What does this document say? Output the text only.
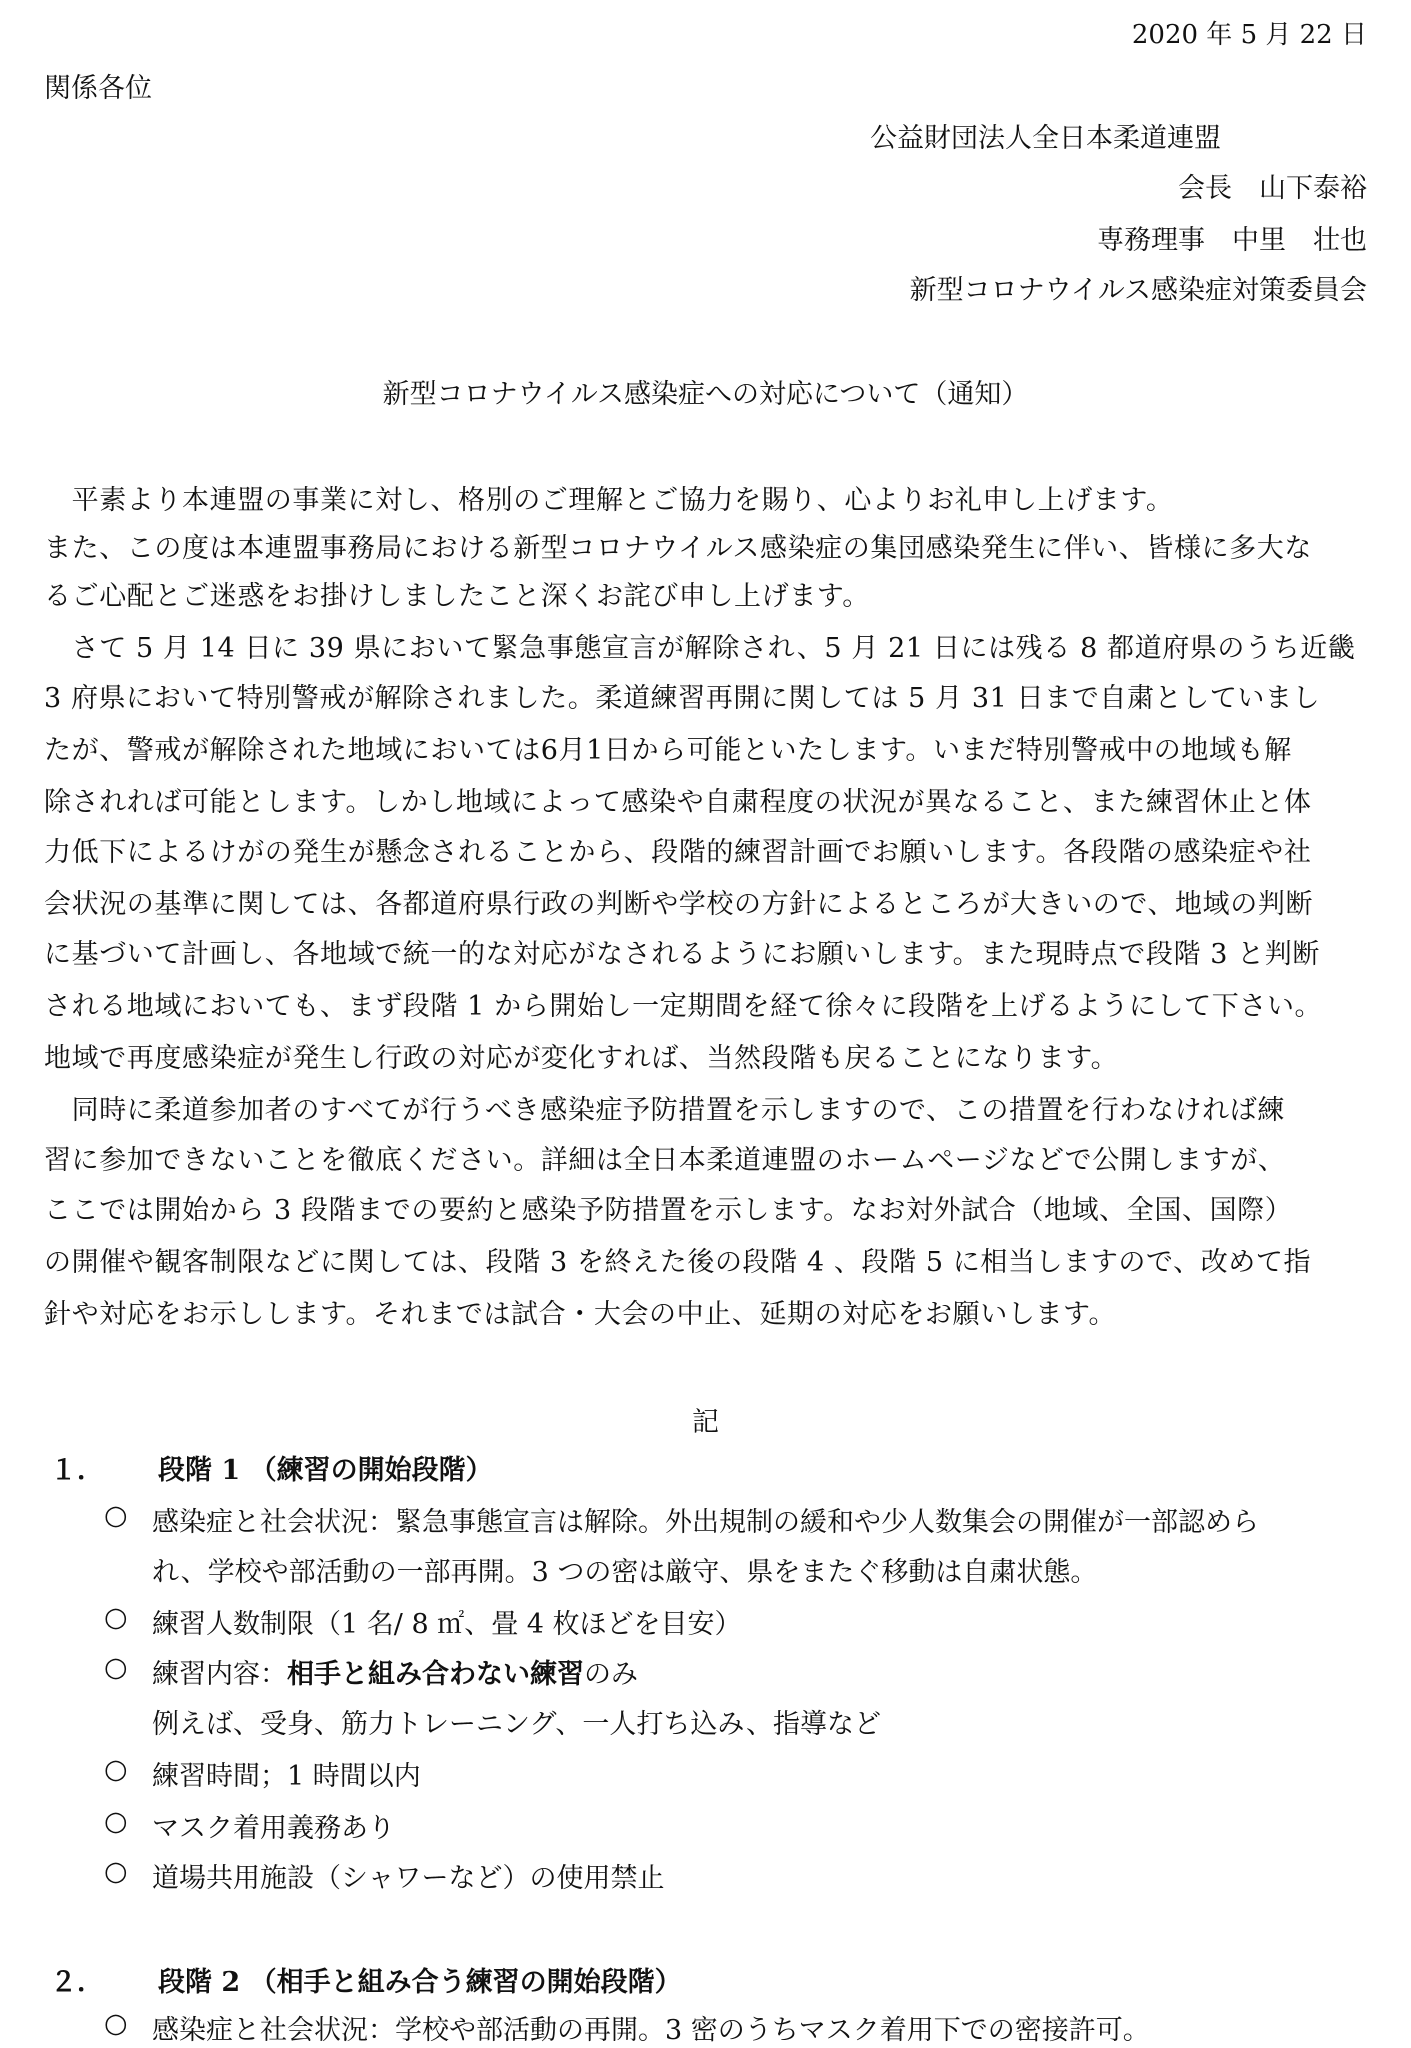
2020 年 5 月 22 日
関係各位
公益財団法人全日本柔道連盟
会長　山下泰裕
専務理事　中里　壮也
新型コロナウイルス感染症対策委員会
新型コロナウイルス感染症への対応について（通知）
　平素より本連盟の事業に対し、格別のご理解とご協力を賜り、心よりお礼申し上げます。
また、この度は本連盟事務局における新型コロナウイルス感染症の集団感染発生に伴い、皆様に多大な
るご心配とご迷惑をお掛けしましたこと深くお詫び申し上げます。
　さて 5 月 14 日に 39 県において緊急事態宣言が解除され、5 月 21 日には残る 8 都道府県のうち近畿
3 府県において特別警戒が解除されました。柔道練習再開に関しては 5 月 31 日まで自粛としていまし
たが、警戒が解除された地域においては6月1日から可能といたします。いまだ特別警戒中の地域も解
除されれば可能とします。しかし地域によって感染や自粛程度の状況が異なること、また練習休止と体
力低下によるけがの発生が懸念されることから、段階的練習計画でお願いします。各段階の感染症や社
会状況の基準に関しては、各都道府県行政の判断や学校の方針によるところが大きいので、地域の判断
に基づいて計画し、各地域で統一的な対応がなされるようにお願いします。また現時点で段階 3 と判断
される地域においても、まず段階 1 から開始し一定期間を経て徐々に段階を上げるようにして下さい。
地域で再度感染症が発生し行政の対応が変化すれば、当然段階も戻ることになります。
　同時に柔道参加者のすべてが行うべき感染症予防措置を示しますので、この措置を行わなければ練
習に参加できないことを徹底ください。詳細は全日本柔道連盟のホームページなどで公開しますが、
ここでは開始から 3 段階までの要約と感染予防措置を示します。なお対外試合（地域、全国、国際）
の開催や観客制限などに関しては、段階 3 を終えた後の段階 4 、段階 5 に相当しますので、改めて指
針や対応をお示しします。それまでは試合・大会の中止、延期の対応をお願いします。
記
１． 段階 1 （練習の開始段階）
○ 感染症と社会状況：緊急事態宣言は解除。外出規制の緩和や少人数集会の開催が一部認めら
れ、学校や部活動の一部再開。3 つの密は厳守、県をまたぐ移動は自粛状態。
○ 練習人数制限（1 名/ 8 ㎡、畳 4 枚ほどを目安）
○ 練習内容：相手と組み合わない練習のみ
例えば、受身、筋力トレーニング、一人打ち込み、指導など
○ 練習時間；1 時間以内
○ マスク着用義務あり
○ 道場共用施設（シャワーなど）の使用禁止
２． 段階 2 （相手と組み合う練習の開始段階）
○ 感染症と社会状況：学校や部活動の再開。3 密のうちマスク着用下での密接許可。
